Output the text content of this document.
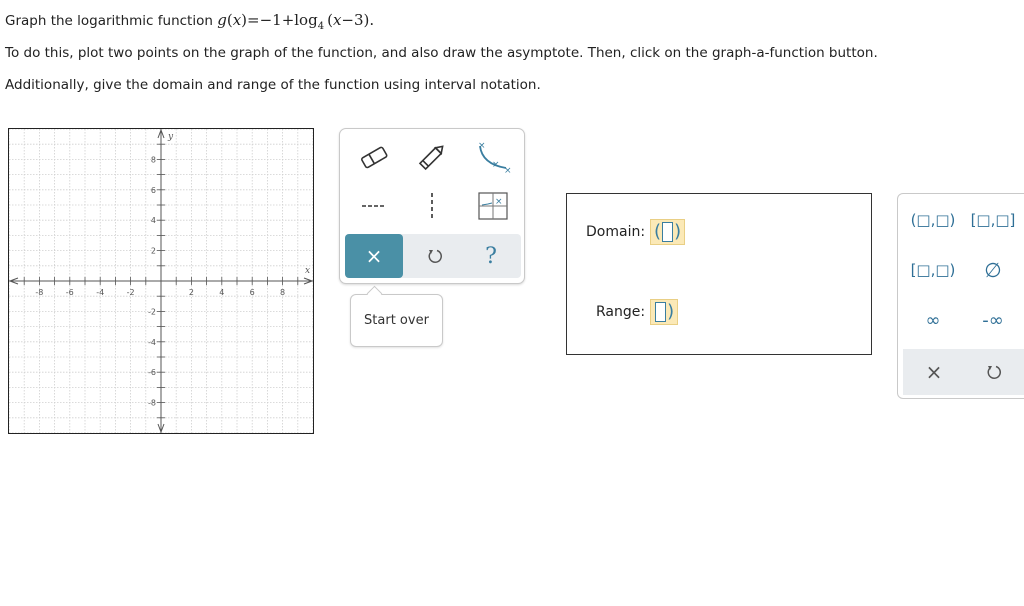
Graph the logarithmic function $g(x)=-1+\log_4$ (x−3).
To do this, plot two points on the graph of the function, and also draw the asymptote. Then, click on the graph-a-function button.
Additionally, give the domain and range of the function using interval notation.
-8	-6	-4	-2	2	4	6	8
8
6
4
2
-2
-4
-6
-8
x
y
×
×
×
×
×	?
Start over
Domain: ( )
Range: )
(□,□) [□,□]
[□,□) ∅
∞ -∞
×
